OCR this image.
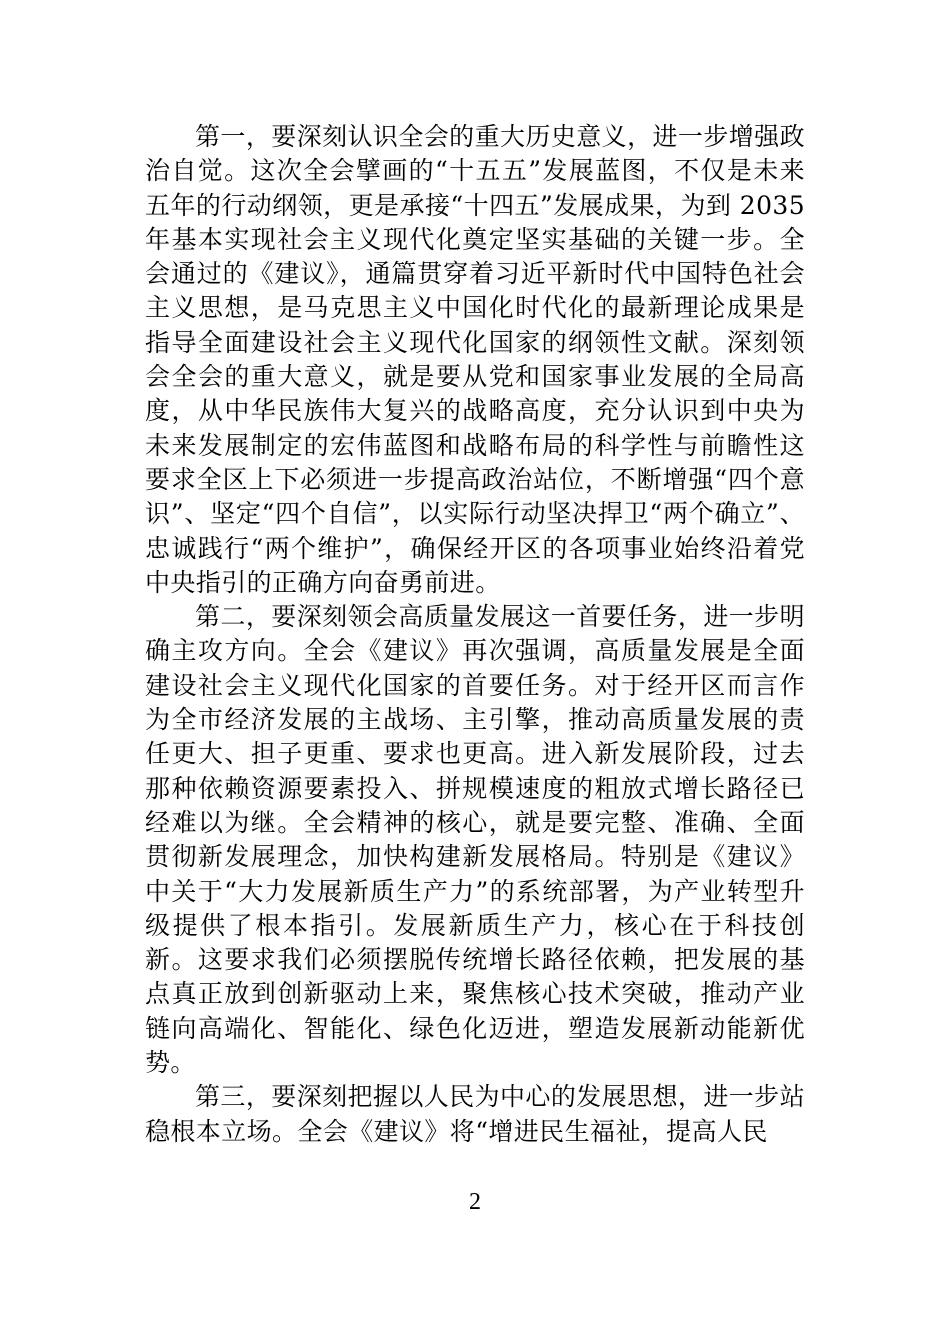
第一，要深刻认识全会的重大历史意义，进一步增强政治自觉。这次全会擘画的“十五五”发展蓝图，不仅是未来五年的行动纲领，更是承接“十四五”发展成果，为到 2035 年基本实现社会主义现代化奠定坚实基础的关键一步。全会通过的《建议》，通篇贯穿着习近平新时代中国特色社会主义思想，是马克思主义中国化时代化的最新理论成果是指导全面建设社会主义现代化国家的纲领性文献。深刻领会全会的重大意义，就是要从党和国家事业发展的全局高度，从中华民族伟大复兴的战略高度，充分认识到中央为未来发展制定的宏伟蓝图和战略布局的科学性与前瞻性这要求全区上下必须进一步提高政治站位，不断增强“四个意识”、坚定“四个自信”，以实际行动坚决捍卫“两个确立”、忠诚践行“两个维护”，确保经开区的各项事业始终沿着党中央指引的正确方向奋勇前进。

第二，要深刻领会高质量发展这一首要任务，进一步明确主攻方向。全会《建议》再次强调，高质量发展是全面建设社会主义现代化国家的首要任务。对于经开区而言作为全市经济发展的主战场、主引擎，推动高质量发展的责任更大、担子更重、要求也更高。进入新发展阶段，过去那种依赖资源要素投入、拼规模速度的粗放式增长路径已经难以为继。全会精神的核心，就是要完整、准确、全面贯彻新发展理念，加快构建新发展格局。特别是《建议》中关于“大力发展新质生产力”的系统部署，为产业转型升级提供了根本指引。发展新质生产力，核心在于科技创新。这要求我们必须摆脱传统增长路径依赖，把发展的基点真正放到创新驱动上来，聚焦核心技术突破，推动产业链向高端化、智能化、绿色化迈进，塑造发展新动能新优势。

第三，要深刻把握以人民为中心的发展思想，进一步站稳根本立场。全会《建议》将“增进民生福祉，提高人民

2
